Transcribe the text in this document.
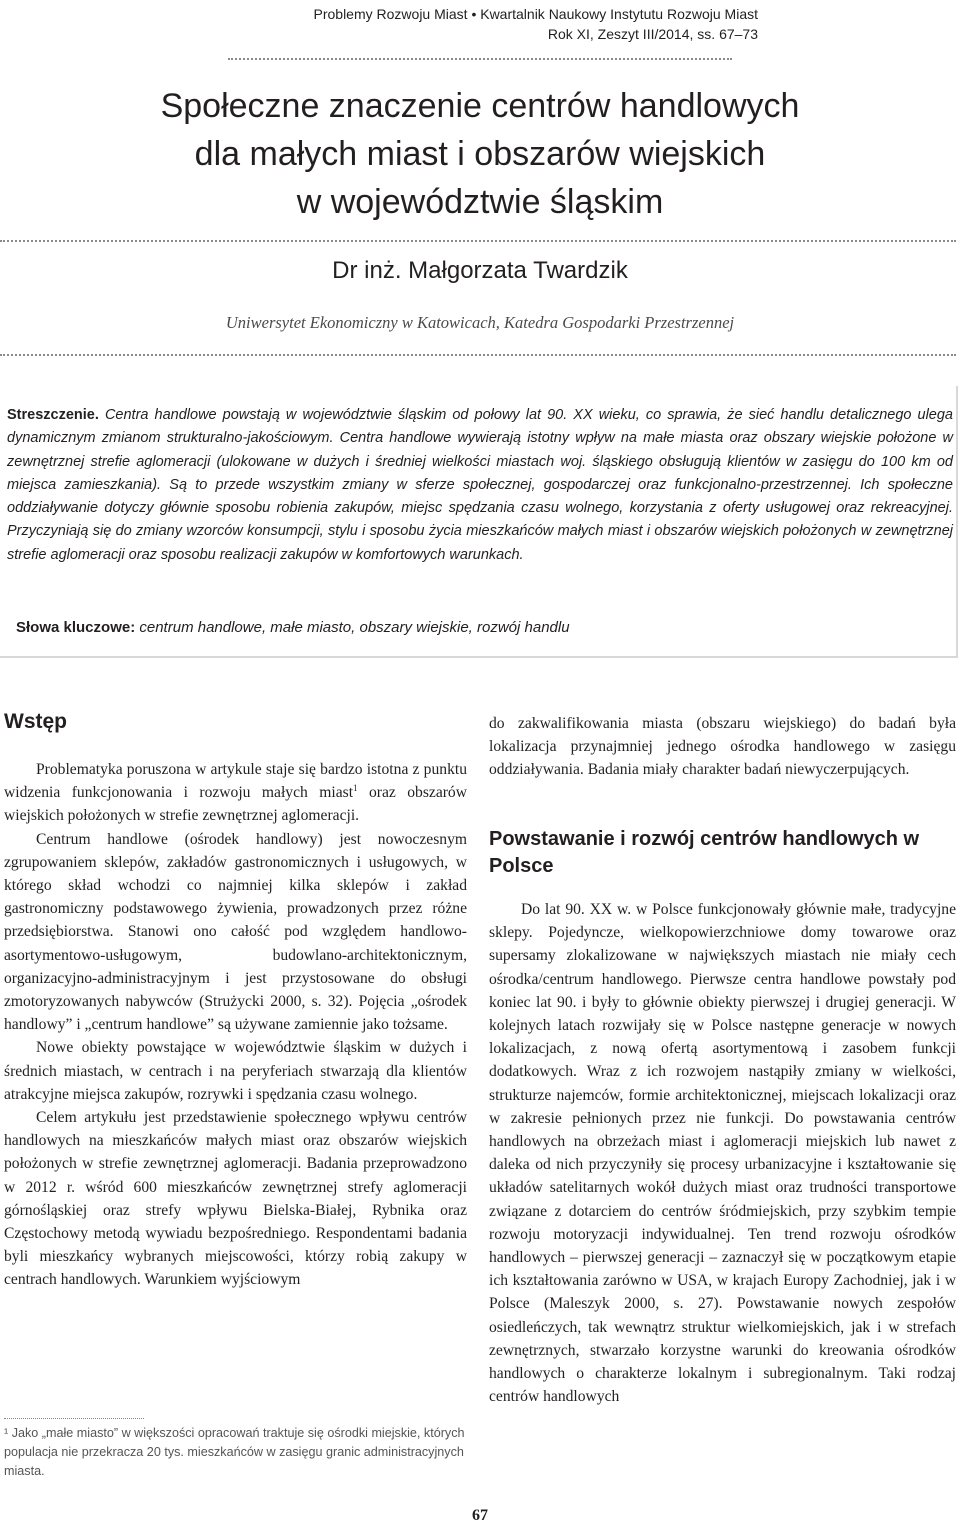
Problemy Rozwoju Miast • Kwartalnik Naukowy Instytutu Rozwoju Miast
Rok XI, Zeszyt III/2014, ss. 67–73
Społeczne znaczenie centrów handlowych
dla małych miast i obszarów wiejskich
w województwie śląskim
Dr inż. Małgorzata Twardzik
Uniwersytet Ekonomiczny w Katowicach, Katedra Gospodarki Przestrzennej
Streszczenie. Centra handlowe powstają w województwie śląskim od połowy lat 90. XX wieku, co sprawia, że sieć handlu detalicznego ulega dynamicznym zmianom strukturalno-jakościowym. Centra handlowe wywierają istotny wpływ na małe miasta oraz obszary wiejskie położone w zewnętrznej strefie aglomeracji (ulokowane w dużych i średniej wielkości miastach woj. śląskiego obsługują klientów w zasięgu do 100 km od miejsca zamieszkania). Są to przede wszystkim zmiany w sferze społecznej, gospodarczej oraz funkcjonalno-przestrzennej. Ich społeczne oddziaływanie dotyczy głównie sposobu robienia zakupów, miejsc spędzania czasu wolnego, korzystania z oferty usługowej oraz rekreacyjnej. Przyczyniają się do zmiany wzorców konsumpcji, stylu i sposobu życia mieszkańców małych miast i obszarów wiejskich położonych w zewnętrznej strefie aglomeracji oraz sposobu realizacji zakupów w komfortowych warunkach.
Słowa kluczowe: centrum handlowe, małe miasto, obszary wiejskie, rozwój handlu
Wstęp

Problematyka poruszona w artykule staje się bardzo istotna z punktu widzenia funkcjonowania i rozwoju małych miast$^1$ oraz obszarów wiejskich położonych w strefie zewnętrznej aglomeracji.

Centrum handlowe (ośrodek handlowy) jest nowoczesnym zgrupowaniem sklepów, zakładów gastronomicznych i usługowych, w którego skład wchodzi co najmniej kilka sklepów i zakład gastronomiczny podstawowego żywienia, prowadzonych przez różne przedsiębiorstwa. Stanowi ono całość pod względem handlowo-asortymentowo-usługowym, budowlano-architektonicznym, organizacyjno-administracyjnym i jest przystosowane do obsługi zmotoryzowanych nabywców (Strużycki 2000, s. 32). Pojęcia „ośrodek handlowy” i „centrum handlowe” są używane zamiennie jako tożsame.

Nowe obiekty powstające w województwie śląskim w dużych i średnich miastach, w centrach i na peryferiach stwarzają dla klientów atrakcyjne miejsca zakupów, rozrywki i spędzania czasu wolnego.

Celem artykułu jest przedstawienie społecznego wpływu centrów handlowych na mieszkańców małych miast oraz obszarów wiejskich położonych w strefie zewnętrznej aglomeracji. Badania przeprowadzono w 2012 r. wśród 600 mieszkańców zewnętrznej strefy aglomeracji górnośląskiej oraz strefy wpływu Bielska-Białej, Rybnika oraz Częstochowy metodą wywiadu bezpośredniego. Respondentami badania byli mieszkańcy wybranych miejscowości, którzy robią zakupy w centrach handlowych. Warunkiem wyjściowym

¹ Jako „małe miasto” w większości opracowań traktuje się ośrodki miejskie, których populacja nie przekracza 20 tys. mieszkańców w zasięgu granic administracyjnych miasta.

do zakwalifikowania miasta (obszaru wiejskiego) do badań była lokalizacja przynajmniej jednego ośrodka handlowego w zasięgu oddziaływania. Badania miały charakter badań niewyczerpujących.

Powstawanie i rozwój centrów handlowych w Polsce

Do lat 90. XX w. w Polsce funkcjonowały głównie małe, tradycyjne sklepy. Pojedyncze, wielkopowierzchniowe domy towarowe oraz supersamy zlokalizowane w największych miastach nie miały cech ośrodka/centrum handlowego. Pierwsze centra handlowe powstały pod koniec lat 90. i były to głównie obiekty pierwszej i drugiej generacji. W kolejnych latach rozwijały się w Polsce następne generacje w nowych lokalizacjach, z nową ofertą asortymentową i zasobem funkcji dodatkowych. Wraz z ich rozwojem nastąpiły zmiany w wielkości, strukturze najemców, formie architektonicznej, miejscach lokalizacji oraz w zakresie pełnionych przez nie funkcji. Do powstawania centrów handlowych na obrzeżach miast i aglomeracji miejskich lub nawet z daleka od nich przyczyniły się procesy urbanizacyjne i kształtowanie się układów satelitarnych wokół dużych miast oraz trudności transportowe związane z dotarciem do centrów śródmiejskich, przy szybkim tempie rozwoju motoryzacji indywidualnej. Ten trend rozwoju ośrodków handlowych – pierwszej generacji – zaznaczył się w początkowym etapie ich kształtowania zarówno w USA, w krajach Europy Zachodniej, jak i w Polsce (Maleszyk 2000, s. 27). Powstawanie nowych zespołów osiedleńczych, tak wewnątrz struktur wielkomiejskich, jak i w strefach zewnętrznych, stwarzało korzystne warunki do kreowania ośrodków handlowych o charakterze lokalnym i subregionalnym. Taki rodzaj centrów handlowych

67
